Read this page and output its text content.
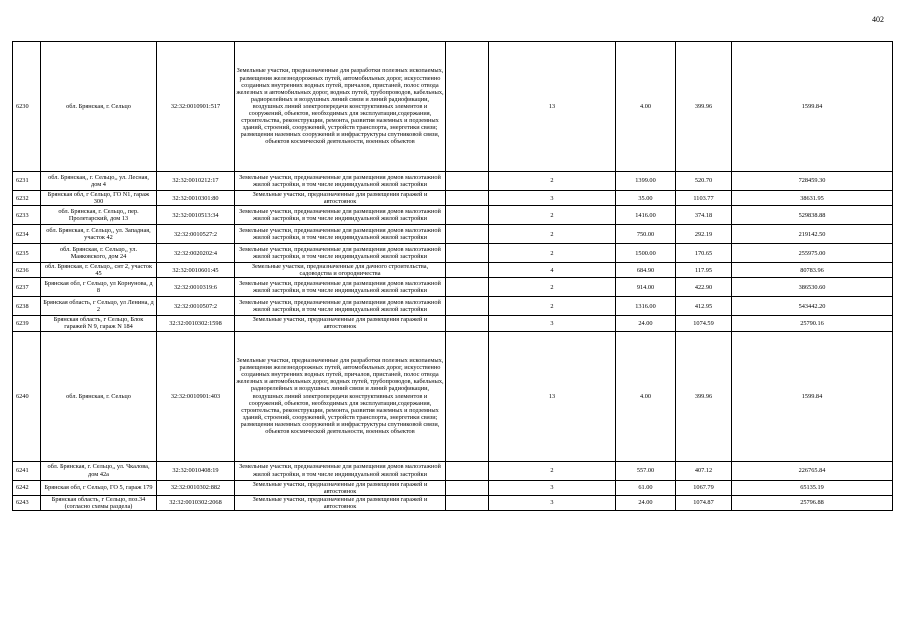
402
6230	обл. Брянская, г. Сельцо	32:32:0010901:517	Земельные участки, предназначенные для разработки полезных ископаемых, размещения железнодорожных путей, автомобильных дорог, искусственно созданных внутренних водных путей, причалов, пристаней, полос отвода железных и автомобильных дорог, водных путей, трубопроводов, кабельных, радиорелейных и воздушных линий связи и линий радиофикации, воздушных линий электропередачи конструктивных элементов и сооружений, объектов, необходимых для эксплуатации,содержания, строительства, реконструкции, ремонта, развития наземных и подземных зданий, строений, сооружений, устройств транспорта, энергетики связи; размещения наземных сооружений и инфраструктуры спутниковой связи, объектов космической деятельности, военных объектов		13	4.00	399.96	1599.84
6231	обл. Брянская,, г. Сельцо,, ул. Лесная, дом 4	32:32:0010212:17	Земельные участки, предназначенные для размещения домов малоэтажной жилой застройки, в том числе индивидуальной жилой застройки		2	1399.00	520.70	728459.30
6232	Брянская обл, г Сельцо, ГО N1, гараж 300	32:32:0010301:80	Земельные участки, предназначенные для размещения гаражей и автостоянок		3	35.00	1103.77	38631.95
6233	обл. Брянская, г. Сельцо,, пер. Пролетарский, дом 13	32:32:0010513:34	Земельные участки, предназначенные для размещения домов малоэтажной жилой застройки, в том числе индивидуальной жилой застройки		2	1416.00	374.18	529838.88
6234	обл. Брянская, г. Сельцо,, ул. Западная, участок 42	32:32:0010527:2	Земельные участки, предназначенные для размещения домов малоэтажной жилой застройки, в том числе индивидуальной жилой застройки		2	750.00	292.19	219142.50
6235	обл. Брянская, г. Сельцо,, ул. Маяковского, дом 24	32:32:0020202:4	Земельные участки, предназначенные для размещения домов малоэтажной жилой застройки, в том числе индивидуальной жилой застройки		2	1500.00	170.65	255975.00
6236	обл. Брянская, г. Сельцо,, снт 2, участок 45	32:32:0010601:45	Земельные участки, предназначенные для дачного строительства, садоводства и огородничества		4	684.90	117.95	80783.96
6237	Брянская обл, г Сельцо, ул Корнунова, д 8	32:32:0010319:6	Земельные участки, предназначенные для размещения домов малоэтажной жилой застройки, в том числе индивидуальной жилой застройки		2	914.00	422.90	386530.60
6238	Брянская область, г Сельцо, ул Ленина, д 2	32:32:0010507:2	Земельные участки, предназначенные для размещения домов малоэтажной жилой застройки, в том числе индивидуальной жилой застройки		2	1316.00	412.95	543442.20
6239	Брянская область, г Сельцо, Блок гаражей N 9, гараж N 184	32:32:0010302:1598	Земельные участки, предназначенные для размещения гаражей и автостоянок		3	24.00	1074.59	25790.16
6240	обл. Брянская, г. Сельцо	32:32:0010901:403	Земельные участки, предназначенные для разработки полезных ископаемых, размещения железнодорожных путей, автомобильных дорог, искусственно созданных внутренних водных путей, причалов, пристаней, полос отвода железных и автомобильных дорог, водных путей, трубопроводов, кабельных, радиорелейных и воздушных линий связи и линий радиофикации, воздушных линий электропередачи конструктивных элементов и сооружений, объектов, необходимых для эксплуатации,содержания, строительства, реконструкции, ремонта, развития наземных и подземных зданий, строений, сооружений, устройств транспорта, энергетики связи; размещения наземных сооружений и инфраструктуры спутниковой связи, объектов космической деятельности, военных объектов		13	4.00	399.96	1599.84
6241	обл. Брянская, г. Сельцо,, ул. Чкалова, дом 42а	32:32:0010408:19	Земельные участки, предназначенные для размещения домов малоэтажной жилой застройки, в том числе индивидуальной жилой застройки		2	557.00	407.12	226765.84
6242	Брянская обл, г Сельцо, ГО 5, гараж 179	32:32:0010302:882	Земельные участки, предназначенные для размещения гаражей и автостоянок		3	61.00	1067.79	65135.19
6243	Брянская область, г Сельцо, поз.34 (согласно схемы раздела)	32:32:0010302:2068	Земельные участки, предназначенные для размещения гаражей и автостоянок		3	24.00	1074.87	25796.88
